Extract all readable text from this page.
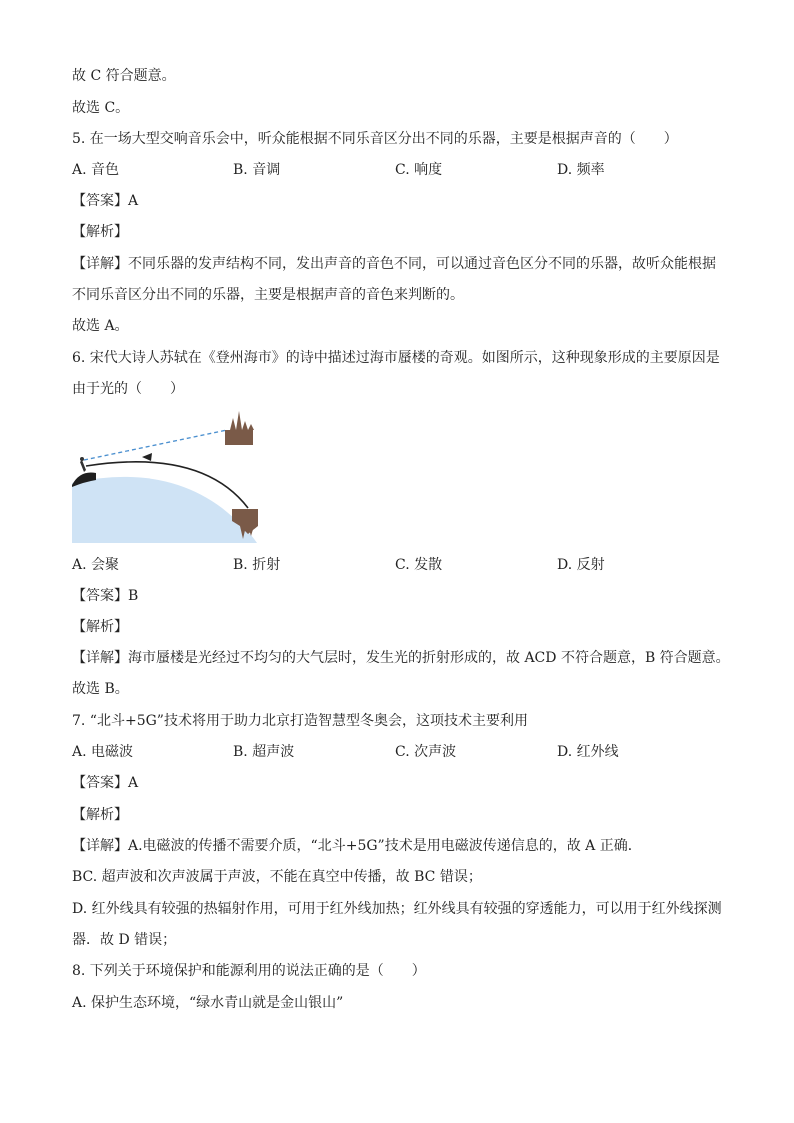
故 C 符合题意。
故选 C。
5. 在一场大型交响音乐会中，听众能根据不同乐音区分出不同的乐器，主要是根据声音的（　　）
A. 音色	B. 音调	C. 响度	D. 频率
【答案】A
【解析】
【详解】不同乐器的发声结构不同，发出声音的音色不同，可以通过音色区分不同的乐器，故听众能根据
不同乐音区分出不同的乐器，主要是根据声音的音色来判断的。
故选 A。
6. 宋代大诗人苏轼在《登州海市》的诗中描述过海市蜃楼的奇观。如图所示，这种现象形成的主要原因是
由于光的（　　）
A. 会聚	B. 折射	C. 发散	D. 反射
【答案】B
【解析】
【详解】海市蜃楼是光经过不均匀的大气层时，发生光的折射形成的，故 ACD 不符合题意，B 符合题意。
故选 B。
7. “北斗+5G”技术将用于助力北京打造智慧型冬奥会，这项技术主要利用
A. 电磁波	B. 超声波	C. 次声波	D. 红外线
【答案】A
【解析】
【详解】A.电磁波的传播不需要介质，“北斗+5G”技术是用电磁波传递信息的，故 A 正确．
BC. 超声波和次声波属于声波，不能在真空中传播，故 BC 错误；
D. 红外线具有较强的热辐射作用，可用于红外线加热；红外线具有较强的穿透能力，可以用于红外线探测
器．故 D 错误；
8. 下列关于环境保护和能源利用的说法正确的是（　　）
A. 保护生态环境，“绿水青山就是金山银山”
